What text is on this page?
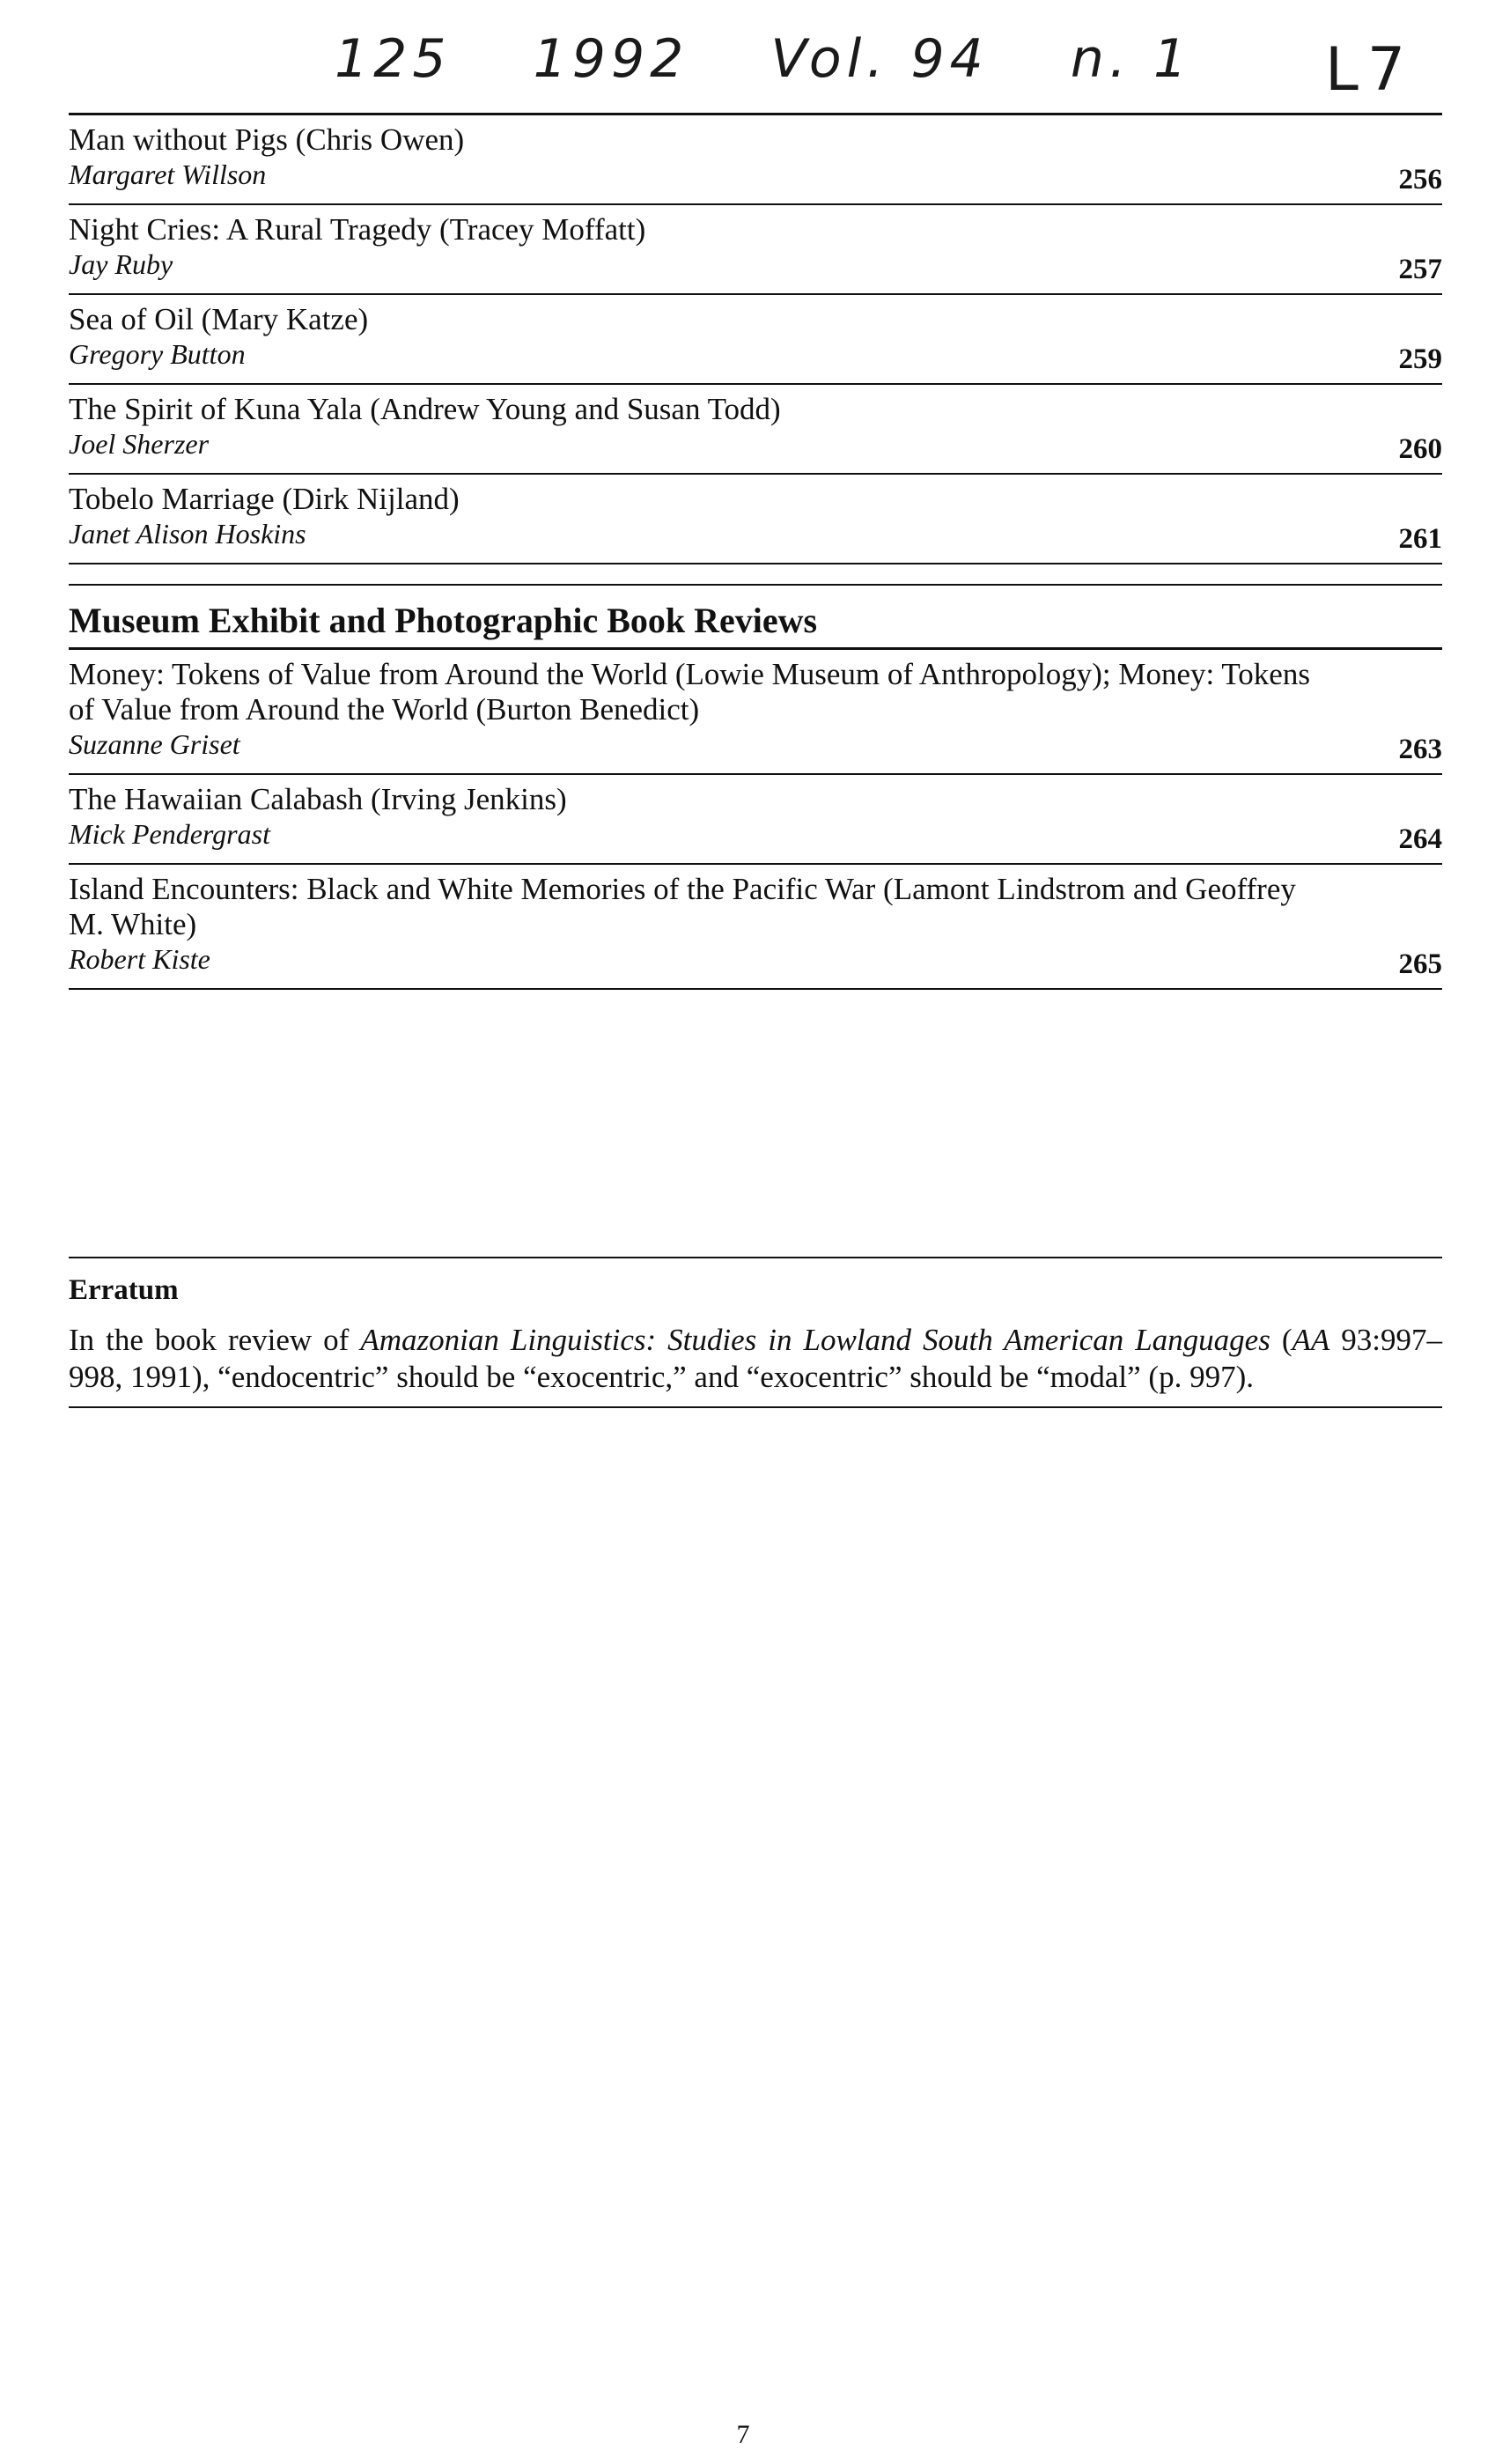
125 1992 Vol. 94 n. 1	L7
Man without Pigs (Chris Owen)
Margaret Willson	256
Night Cries: A Rural Tragedy (Tracey Moffatt)
Jay Ruby	257
Sea of Oil (Mary Katze)
Gregory Button	259
The Spirit of Kuna Yala (Andrew Young and Susan Todd)
Joel Sherzer	260
Tobelo Marriage (Dirk Nijland)
Janet Alison Hoskins	261
Museum Exhibit and Photographic Book Reviews
Money: Tokens of Value from Around the World (Lowie Museum of Anthropology); Money: Tokens of Value from Around the World (Burton Benedict)
Suzanne Griset	263
The Hawaiian Calabash (Irving Jenkins)
Mick Pendergrast	264
Island Encounters: Black and White Memories of the Pacific War (Lamont Lindstrom and Geoffrey M. White)
Robert Kiste	265
Erratum
In the book review of Amazonian Linguistics: Studies in Lowland South American Languages (AA 93:997–998, 1991), “endocentric” should be “exocentric,” and “exocentric” should be “modal” (p. 997).
7
